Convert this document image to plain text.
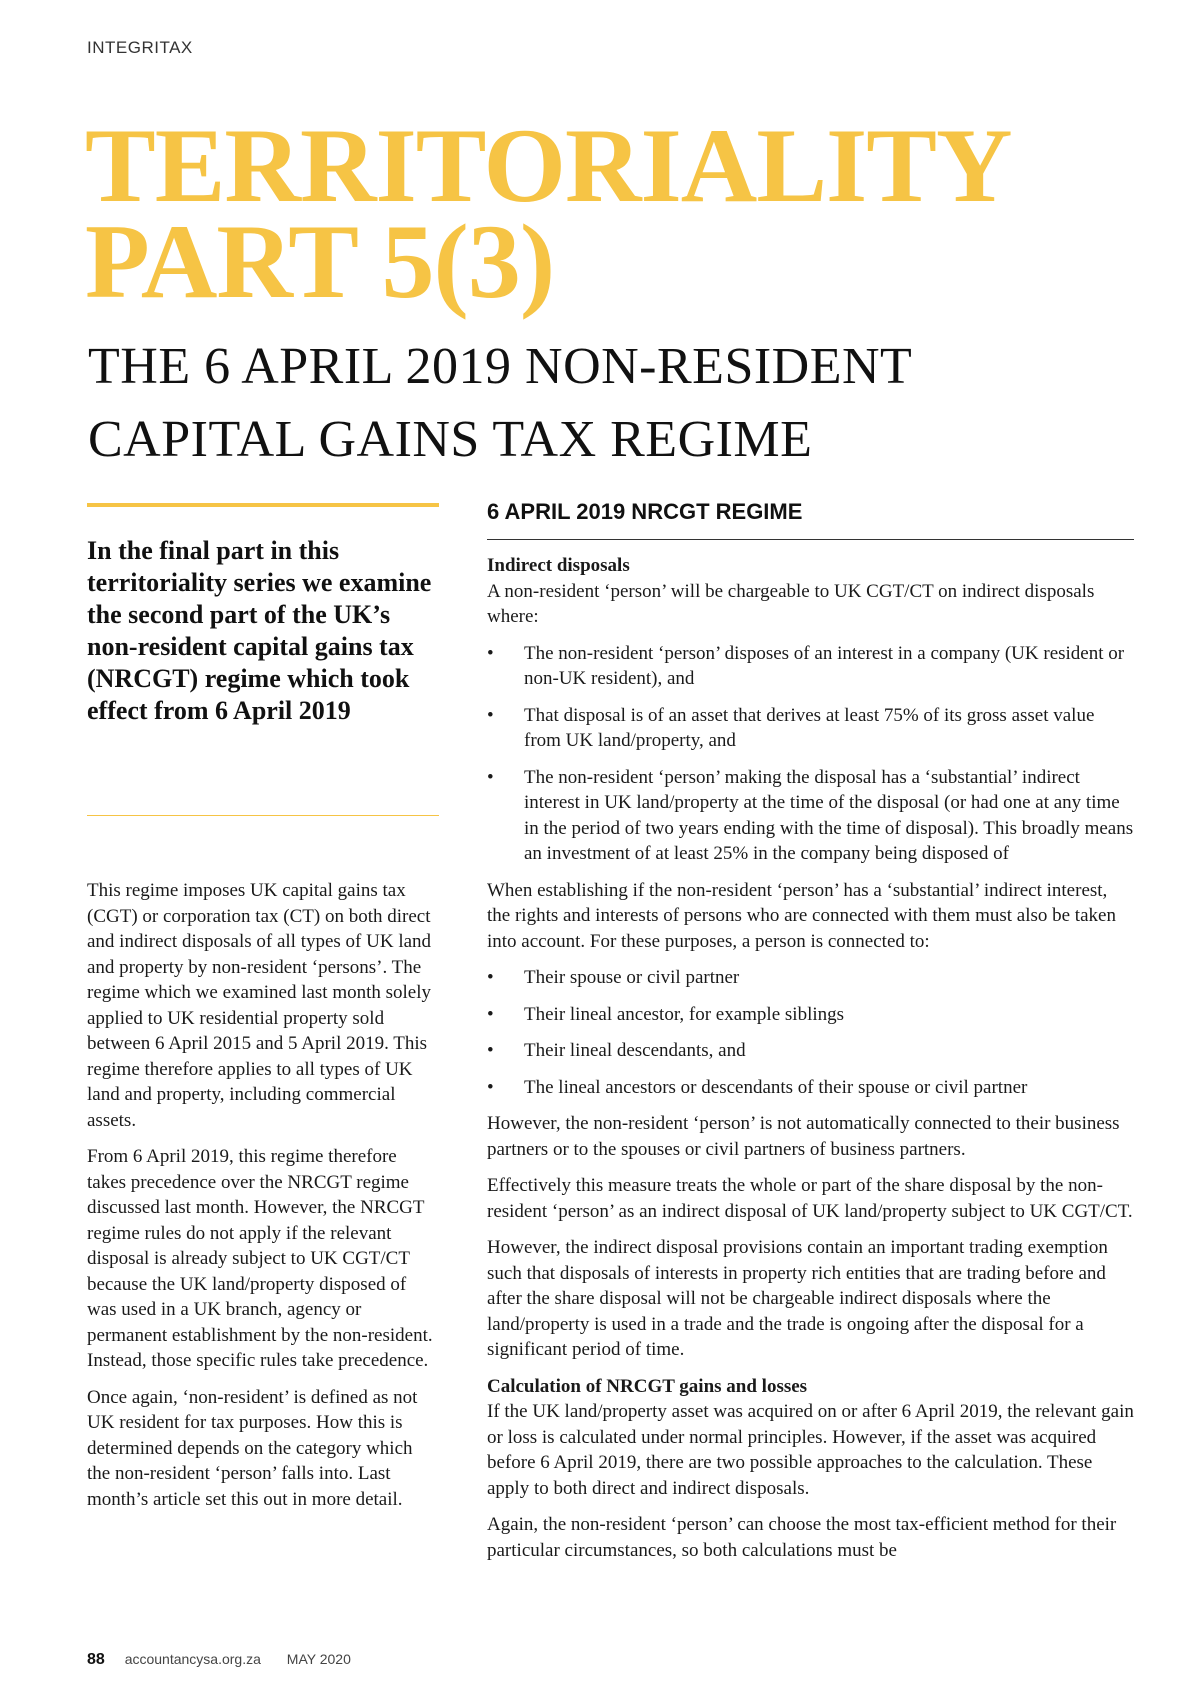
INTEGRITAX
TERRITORIALITY
PART 5(3)
THE 6 APRIL 2019 NON-RESIDENT
CAPITAL GAINS TAX REGIME

In the final part in this territoriality series we examine the second part of the UK’s non-resident capital gains tax (NRCGT) regime which took effect from 6 April 2019

This regime imposes UK capital gains tax (CGT) or corporation tax (CT) on both direct and indirect disposals of all types of UK land and property by non-resident ‘persons’. The regime which we examined last month solely applied to UK residential property sold between 6 April 2015 and 5 April 2019. This regime therefore applies to all types of UK land and property, including commercial assets.

From 6 April 2019, this regime therefore takes precedence over the NRCGT regime discussed last month. However, the NRCGT regime rules do not apply if the relevant disposal is already subject to UK CGT/CT because the UK land/property disposed of was used in a UK branch, agency or permanent establishment by the non-resident. Instead, those specific rules take precedence.

Once again, ‘non-resident’ is defined as not UK resident for tax purposes. How this is determined depends on the category which the non-resident ‘person’ falls into. Last month’s article set this out in more detail.

6 APRIL 2019 NRCGT REGIME

Indirect disposals

A non-resident ‘person’ will be chargeable to UK CGT/CT on indirect disposals where:

• The non-resident ‘person’ disposes of an interest in a company (UK resident or non-UK resident), and
• That disposal is of an asset that derives at least 75% of its gross asset value from UK land/property, and
• The non-resident ‘person’ making the disposal has a ‘substantial’ indirect interest in UK land/property at the time of the disposal (or had one at any time in the period of two years ending with the time of disposal). This broadly means an investment of at least 25% in the company being disposed of

When establishing if the non-resident ‘person’ has a ‘substantial’ indirect interest, the rights and interests of persons who are connected with them must also be taken into account. For these purposes, a person is connected to:

• Their spouse or civil partner
• Their lineal ancestor, for example siblings
• Their lineal descendants, and
• The lineal ancestors or descendants of their spouse or civil partner

However, the non-resident ‘person’ is not automatically connected to their business partners or to the spouses or civil partners of business partners.

Effectively this measure treats the whole or part of the share disposal by the non-resident ‘person’ as an indirect disposal of UK land/property subject to UK CGT/CT.

However, the indirect disposal provisions contain an important trading exemption such that disposals of interests in property rich entities that are trading before and after the share disposal will not be chargeable indirect disposals where the land/property is used in a trade and the trade is ongoing after the disposal for a significant period of time.

Calculation of NRCGT gains and losses

If the UK land/property asset was acquired on or after 6 April 2019, the relevant gain or loss is calculated under normal principles. However, if the asset was acquired before 6 April 2019, there are two possible approaches to the calculation. These apply to both direct and indirect disposals.

Again, the non-resident ‘person’ can choose the most tax-efficient method for their particular circumstances, so both calculations must be

88 accountancysa.org.za MAY 2020
